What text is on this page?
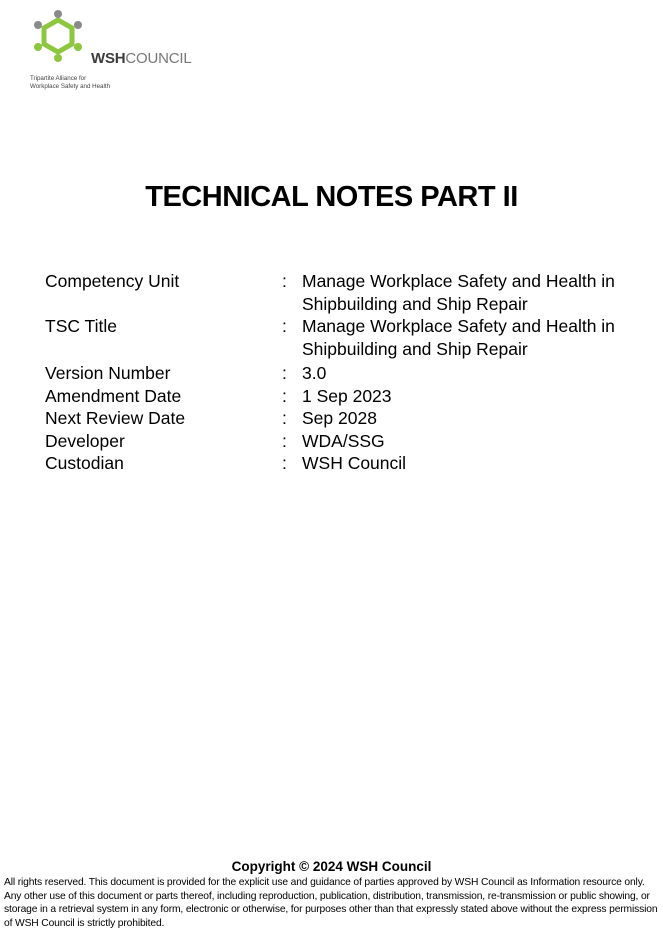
WSHCOUNCIL
Tripartite Alliance for
Workplace Safety and Health
TECHNICAL NOTES PART II
Competency Unit	: Manage Workplace Safety and Health in
Shipbuilding and Ship Repair
TSC Title	: Manage Workplace Safety and Health in
Shipbuilding and Ship Repair
Version Number	: 3.0
Amendment Date	: 1 Sep 2023
Next Review Date	: Sep 2028
Developer	: WDA/SSG
Custodian	: WSH Council
Copyright © 2024 WSH Council
All rights reserved. This document is provided for the explicit use and guidance of parties approved by WSH Council as Information resource only. Any other use of this document or parts thereof, including reproduction, publication, distribution, transmission, re-transmission or public showing, or storage in a retrieval system in any form, electronic or otherwise, for purposes other than that expressly stated above without the express permission of WSH Council is strictly prohibited.
